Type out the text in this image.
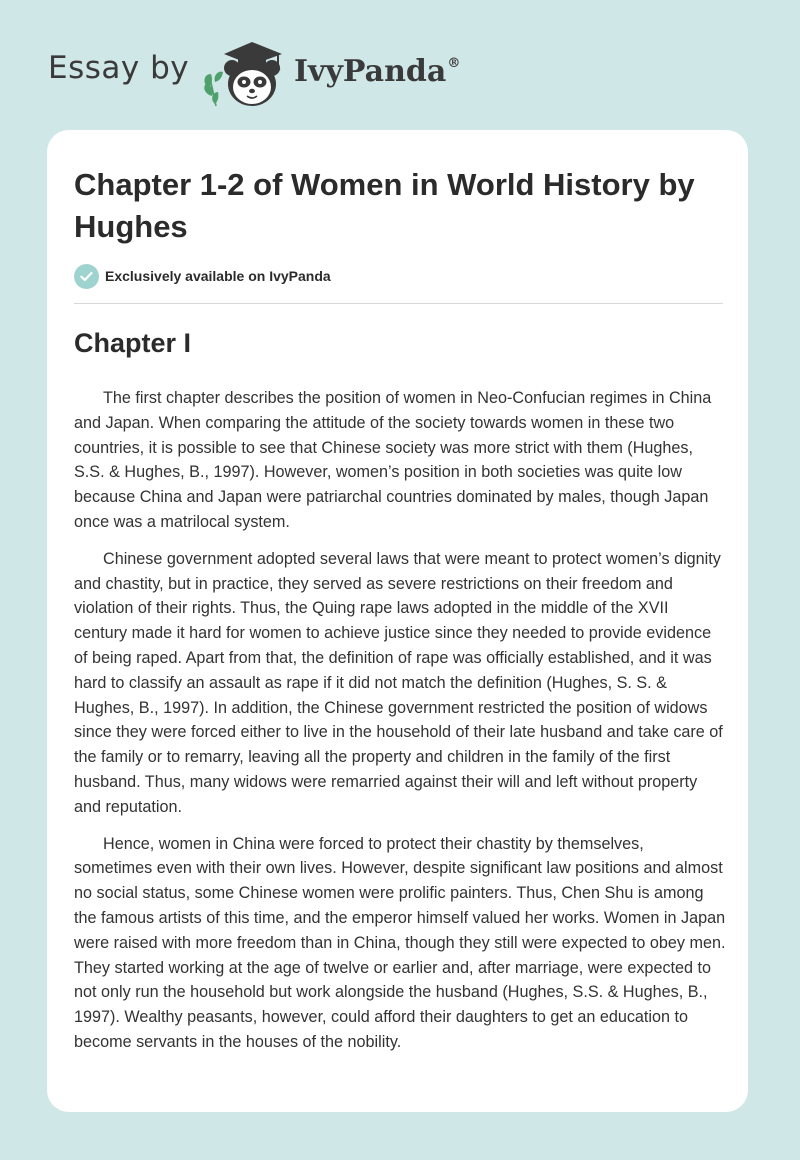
Essay by	IvyPanda®
Chapter 1-2 of Women in World History by Hughes
Exclusively available on IvyPanda
Chapter I

The first chapter describes the position of women in Neo-Confucian regimes in China and Japan. When comparing the attitude of the society towards women in these two countries, it is possible to see that Chinese society was more strict with them (Hughes, S.S. & Hughes, B., 1997). However, women’s position in both societies was quite low because China and Japan were patriarchal countries dominated by males, though Japan once was a matrilocal system.

Chinese government adopted several laws that were meant to protect women’s dignity and chastity, but in practice, they served as severe restrictions on their freedom and violation of their rights. Thus, the Quing rape laws adopted in the middle of the XVII century made it hard for women to achieve justice since they needed to provide evidence of being raped. Apart from that, the definition of rape was officially established, and it was hard to classify an assault as rape if it did not match the definition (Hughes, S. S. & Hughes, B., 1997). In addition, the Chinese government restricted the position of widows since they were forced either to live in the household of their late husband and take care of the family or to remarry, leaving all the property and children in the family of the first husband. Thus, many widows were remarried against their will and left without property and reputation.

Hence, women in China were forced to protect their chastity by themselves, sometimes even with their own lives. However, despite significant law positions and almost no social status, some Chinese women were prolific painters. Thus, Chen Shu is among the famous artists of this time, and the emperor himself valued her works. Women in Japan were raised with more freedom than in China, though they still were expected to obey men. They started working at the age of twelve or earlier and, after marriage, were expected to not only run the household but work alongside the husband (Hughes, S.S. & Hughes, B., 1997). Wealthy peasants, however, could afford their daughters to get an education to become servants in the houses of the nobility.
